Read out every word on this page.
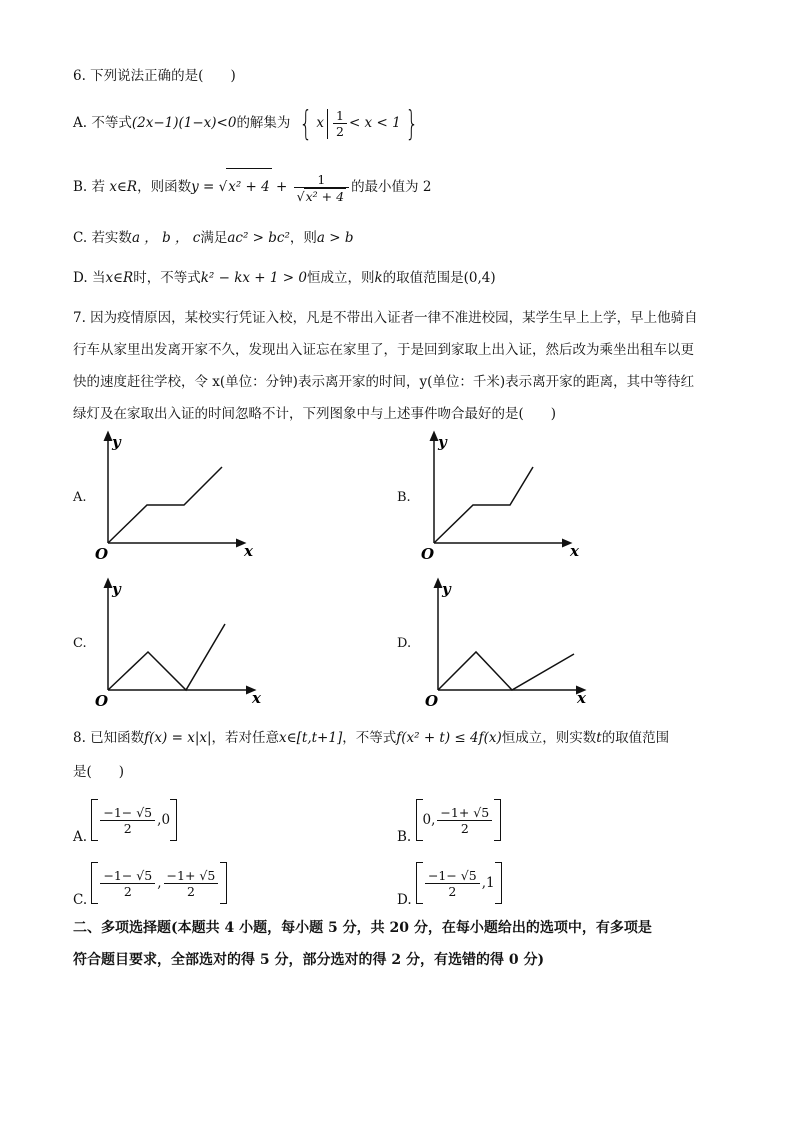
6. 下列说法正确的是(　　)
A. 不等式(2x−1)(1−x)<0的解集为 { x $\frac{1}{2} < x < 1$ }
B. 若 x∈R，则函数$y = √x^2 + 4 + \frac{1}{\text{√x² + 4}}$ 的最小值为 2
C. 若实数a ， b ， c满足ac² > bc²，则a > b
D. 当x∈R时，不等式k² − kx + 1 > 0恒成立，则k的取值范围是(0,4)
7. 因为疫情原因，某校实行凭证入校，凡是不带出入证者一律不准进校园，某学生早上上学，早上他骑自
行车从家里出发离开家不久，发现出入证忘在家里了，于是回到家取上出入证，然后改为乘坐出租车以更
快的速度赶往学校，令 x(单位：分钟)表示离开家的时间，y(单位：千米)表示离开家的距离，其中等待红
绿灯及在家取出入证的时间忽略不计，下列图象中与上述事件吻合最好的是(　　)
A.
y
x
O
B.
y
x
O
C.
y
x
O
D.
y
x
O
8. 已知函数f(x) = x|x|，若对任意x∈[t,t+1]，不等式f(x² + t) ≤ 4f(x)恒成立，则实数t的取值范围
是(　　)
A.
$\frac{-1- √5}{2}$ , 0
B.
0 , $\frac{-1+ √5}{2}$
C.
$\frac{-1- √5}{2}$ , $\frac{-1+ √5}{2}$
D.
$\frac{-1- √5}{2}$ , 1
二、多项选择题(本题共 4 小题，每小题 5 分，共 20 分，在每小题给出的选项中，有多项是
符合题目要求，全部选对的得 5 分，部分选对的得 2 分，有选错的得 0 分)
